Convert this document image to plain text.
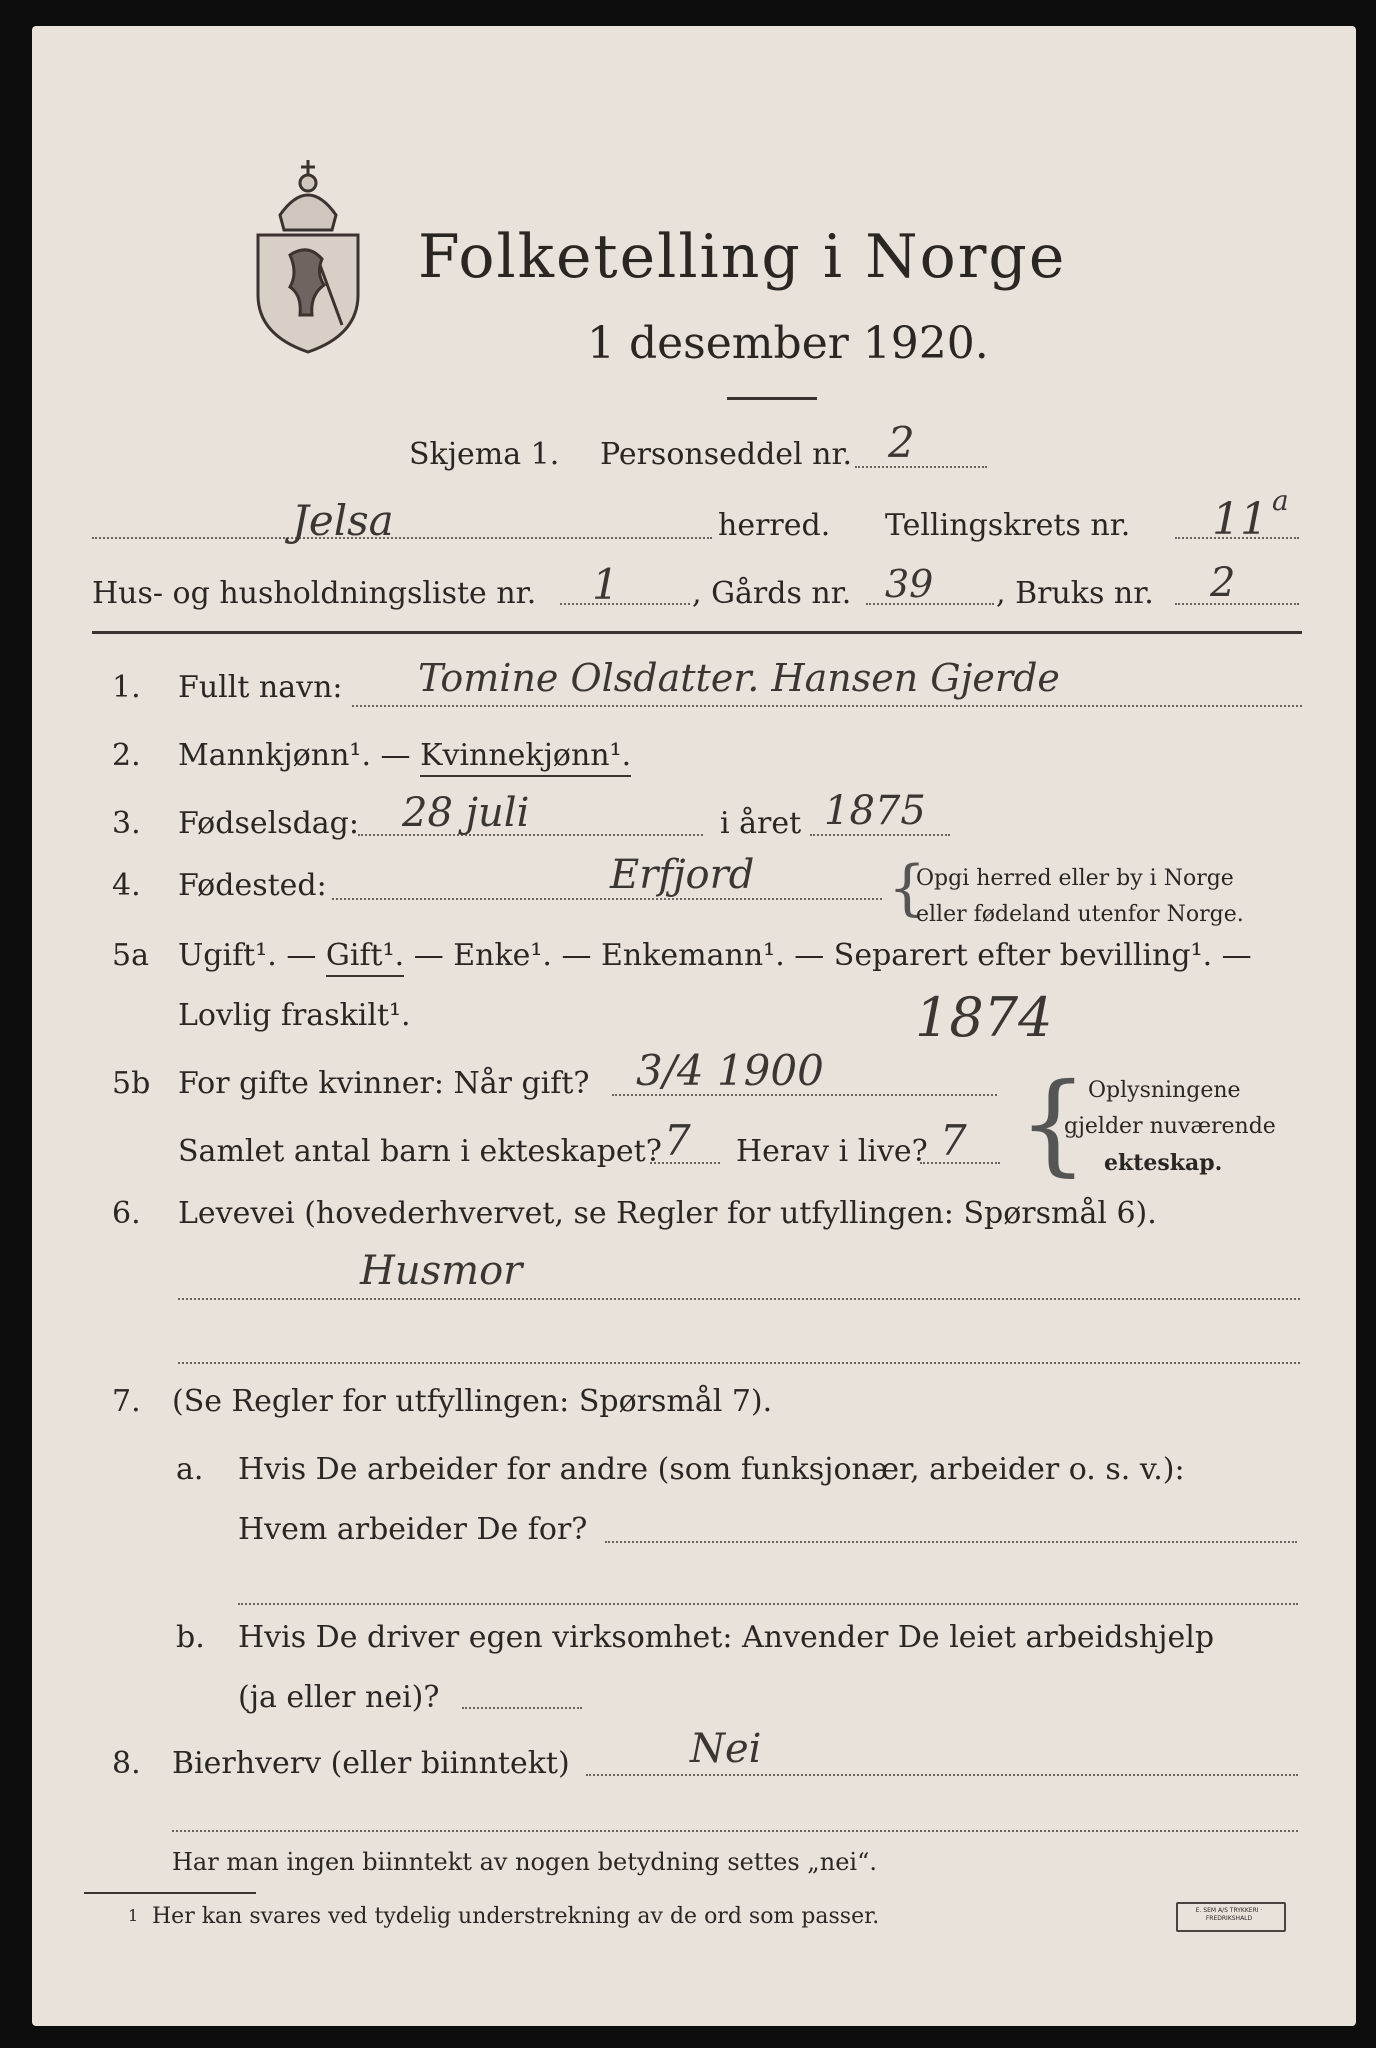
Folketelling i Norge
1 desember 1920.
Skjema 1. Personseddel nr. 2
Jelsa	herred. Tellingskrets nr. 11 a
Hus- og husholdningsliste nr. 1 , Gårds nr. 39 , Bruks nr. 2
1. Fullt navn: Tomine Olsdatter. Hansen Gjerde
2. Mannkjønn¹. — Kvinnekjønn¹.
3. Fødselsdag: 28 juli	i året 1875
4. Fødested:	Erfjord {
Opgi herred eller by i Norge
eller fødeland utenfor Norge.
5a Ugift¹. — Gift¹. — Enke¹. — Enkemann¹. — Separert efter bevilling¹. —
Lovlig fraskilt¹.	1874
5b For gifte kvinner: Når gift? 3/4 1900
Samlet antal barn i ekteskapet? 7 Herav i live? 7 { Oplysningene
gjelder nuværende
ekteskap.
6. Levevei (hovederhvervet, se Regler for utfyllingen: Spørsmål 6).
Husmor
7. (Se Regler for utfyllingen: Spørsmål 7).
a. Hvis De arbeider for andre (som funksjonær, arbeider o. s. v.):
Hvem arbeider De for?
b. Hvis De driver egen virksomhet: Anvender De leiet arbeidshjelp
(ja eller nei)?
8. Bierhverv (eller biinntekt)	Nei
Har man ingen biinntekt av nogen betydning settes „nei“.
1 Her kan svares ved tydelig understrekning av de ord som passer.	E. SEM A/S TRYKKERI · FREDRIKSHALD
